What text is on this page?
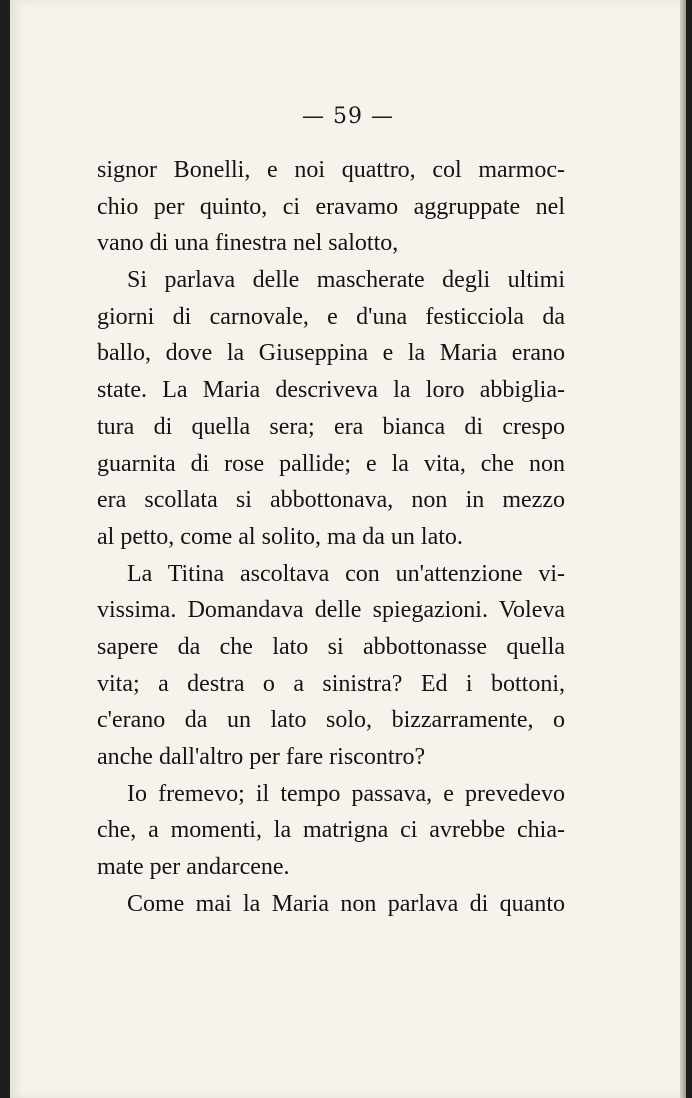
— 59 —
signor Bonelli, e noi quattro, col marmoc-
chio per quinto, ci eravamo aggruppate nel
vano di una finestra nel salotto,
Si parlava delle mascherate degli ultimi
giorni di carnovale, e d'una festicciola da
ballo, dove la Giuseppina e la Maria erano
state. La Maria descriveva la loro abbiglia-
tura di quella sera; era bianca di crespo
guarnita di rose pallide; e la vita, che non
era scollata si abbottonava, non in mezzo
al petto, come al solito, ma da un lato.
La Titina ascoltava con un'attenzione vi-
vissima. Domandava delle spiegazioni. Voleva
sapere da che lato si abbottonasse quella
vita; a destra o a sinistra? Ed i bottoni,
c'erano da un lato solo, bizzarramente, o
anche dall'altro per fare riscontro?
Io fremevo; il tempo passava, e prevedevo
che, a momenti, la matrigna ci avrebbe chia-
mate per andarcene.
Come mai la Maria non parlava di quanto
